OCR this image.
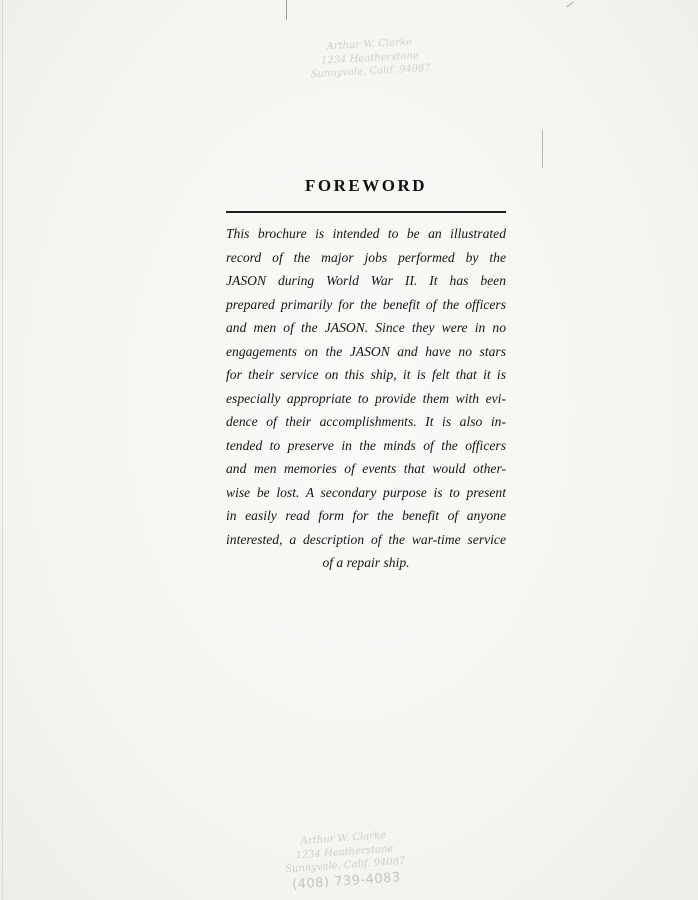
Arthur W. Clarke
1234 Heatherstone
Sunnyvale, Calif. 94087
FOREWORD
This brochure is intended to be an illustrated
record of the major jobs performed by the
JASON during World War II. It has been
prepared primarily for the benefit of the officers
and men of the JASON. Since they were in no
engagements on the JASON and have no stars
for their service on this ship, it is felt that it is
especially appropriate to provide them with evi-
dence of their accomplishments. It is also in-
tended to preserve in the minds of the officers
and men memories of events that would other-
wise be lost. A secondary purpose is to present
in easily read form for the benefit of anyone
interested, a description of the war-time service
of a repair ship.
Arthur W. Clarke
1234 Heatherstone
Sunnyvale, Calif. 94087
(408) 739-4083
